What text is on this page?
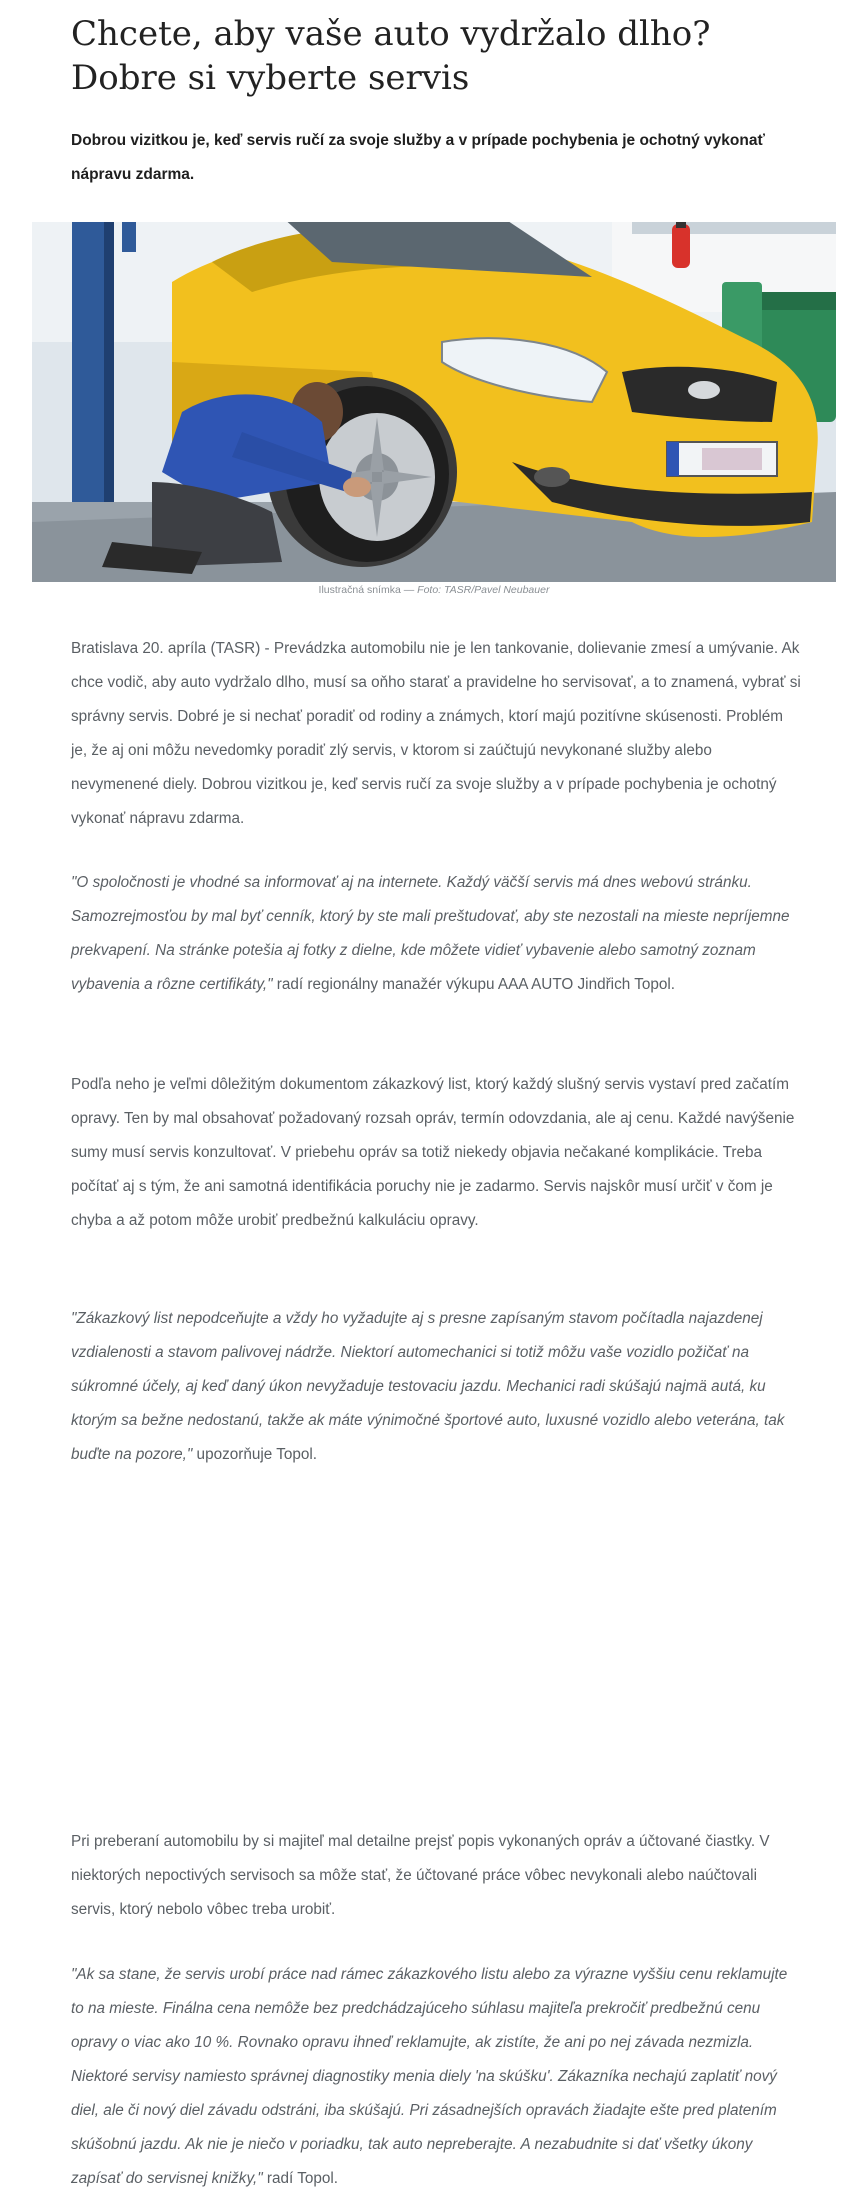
Chcete, aby vaše auto vydržalo dlho? Dobre si vyberte servis

Dobrou vizitkou je, keď servis ručí za svoje služby a v prípade pochybenia je ochotný vykonať nápravu zdarma.

Ilustračná snímka — Foto: TASR/Pavel Neubauer

Bratislava 20. apríla (TASR) - Prevádzka automobilu nie je len tankovanie, dolievanie zmesí a umývanie. Ak chce vodič, aby auto vydržalo dlho, musí sa oňho starať a pravidelne ho servisovať, a to znamená, vybrať si správny servis. Dobré je si nechať poradiť od rodiny a známych, ktorí majú pozitívne skúsenosti. Problém je, že aj oni môžu nevedomky poradiť zlý servis, v ktorom si zaúčtujú nevykonané služby alebo nevymenené diely. Dobrou vizitkou je, keď servis ručí za svoje služby a v prípade pochybenia je ochotný vykonať nápravu zdarma.

"O spoločnosti je vhodné sa informovať aj na internete. Každý väčší servis má dnes webovú stránku. Samozrejmosťou by mal byť cenník, ktorý by ste mali preštudovať, aby ste nezostali na mieste nepríjemne prekvapení. Na stránke potešia aj fotky z dielne, kde môžete vidieť vybavenie alebo samotný zoznam vybavenia a rôzne certifikáty," radí regionálny manažér výkupu AAA AUTO Jindřich Topol.

Podľa neho je veľmi dôležitým dokumentom zákazkový list, ktorý každý slušný servis vystaví pred začatím opravy. Ten by mal obsahovať požadovaný rozsah opráv, termín odovzdania, ale aj cenu. Každé navýšenie sumy musí servis konzultovať. V priebehu opráv sa totiž niekedy objavia nečakané komplikácie. Treba počítať aj s tým, že ani samotná identifikácia poruchy nie je zadarmo. Servis najskôr musí určiť v čom je chyba a až potom môže urobiť predbežnú kalkuláciu opravy.

"Zákazkový list nepodceňujte a vždy ho vyžadujte aj s presne zapísaným stavom počítadla najazdenej vzdialenosti a stavom palivovej nádrže. Niektorí automechanici si totiž môžu vaše vozidlo požičať na súkromné účely, aj keď daný úkon nevyžaduje testovaciu jazdu. Mechanici radi skúšajú najmä autá, ku ktorým sa bežne nedostanú, takže ak máte výnimočné športové auto, luxusné vozidlo alebo veterána, tak buďte na pozore," upozorňuje Topol.

Pri preberaní automobilu by si majiteľ mal detailne prejsť popis vykonaných opráv a účtované čiastky. V niektorých nepoctivých servisoch sa môže stať, že účtované práce vôbec nevykonali alebo naúčtovali servis, ktorý nebolo vôbec treba urobiť.

"Ak sa stane, že servis urobí práce nad rámec zákazkového listu alebo za výrazne vyššiu cenu reklamujte to na mieste. Finálna cena nemôže bez predchádzajúceho súhlasu majiteľa prekročiť predbežnú cenu opravy o viac ako 10 %. Rovnako opravu ihneď reklamujte, ak zistíte, že ani po nej závada nezmizla. Niektoré servisy namiesto správnej diagnostiky menia diely 'na skúšku'. Zákazníka nechajú zaplatiť nový diel, ale či nový diel závadu odstráni, iba skúšajú. Pri zásadnejších opravách žiadajte ešte pred platením skúšobnú jazdu. Ak nie je niečo v poriadku, tak auto nepreberajte. A nezabudnite si dať všetky úkony zapísať do servisnej knižky," radí Topol.
